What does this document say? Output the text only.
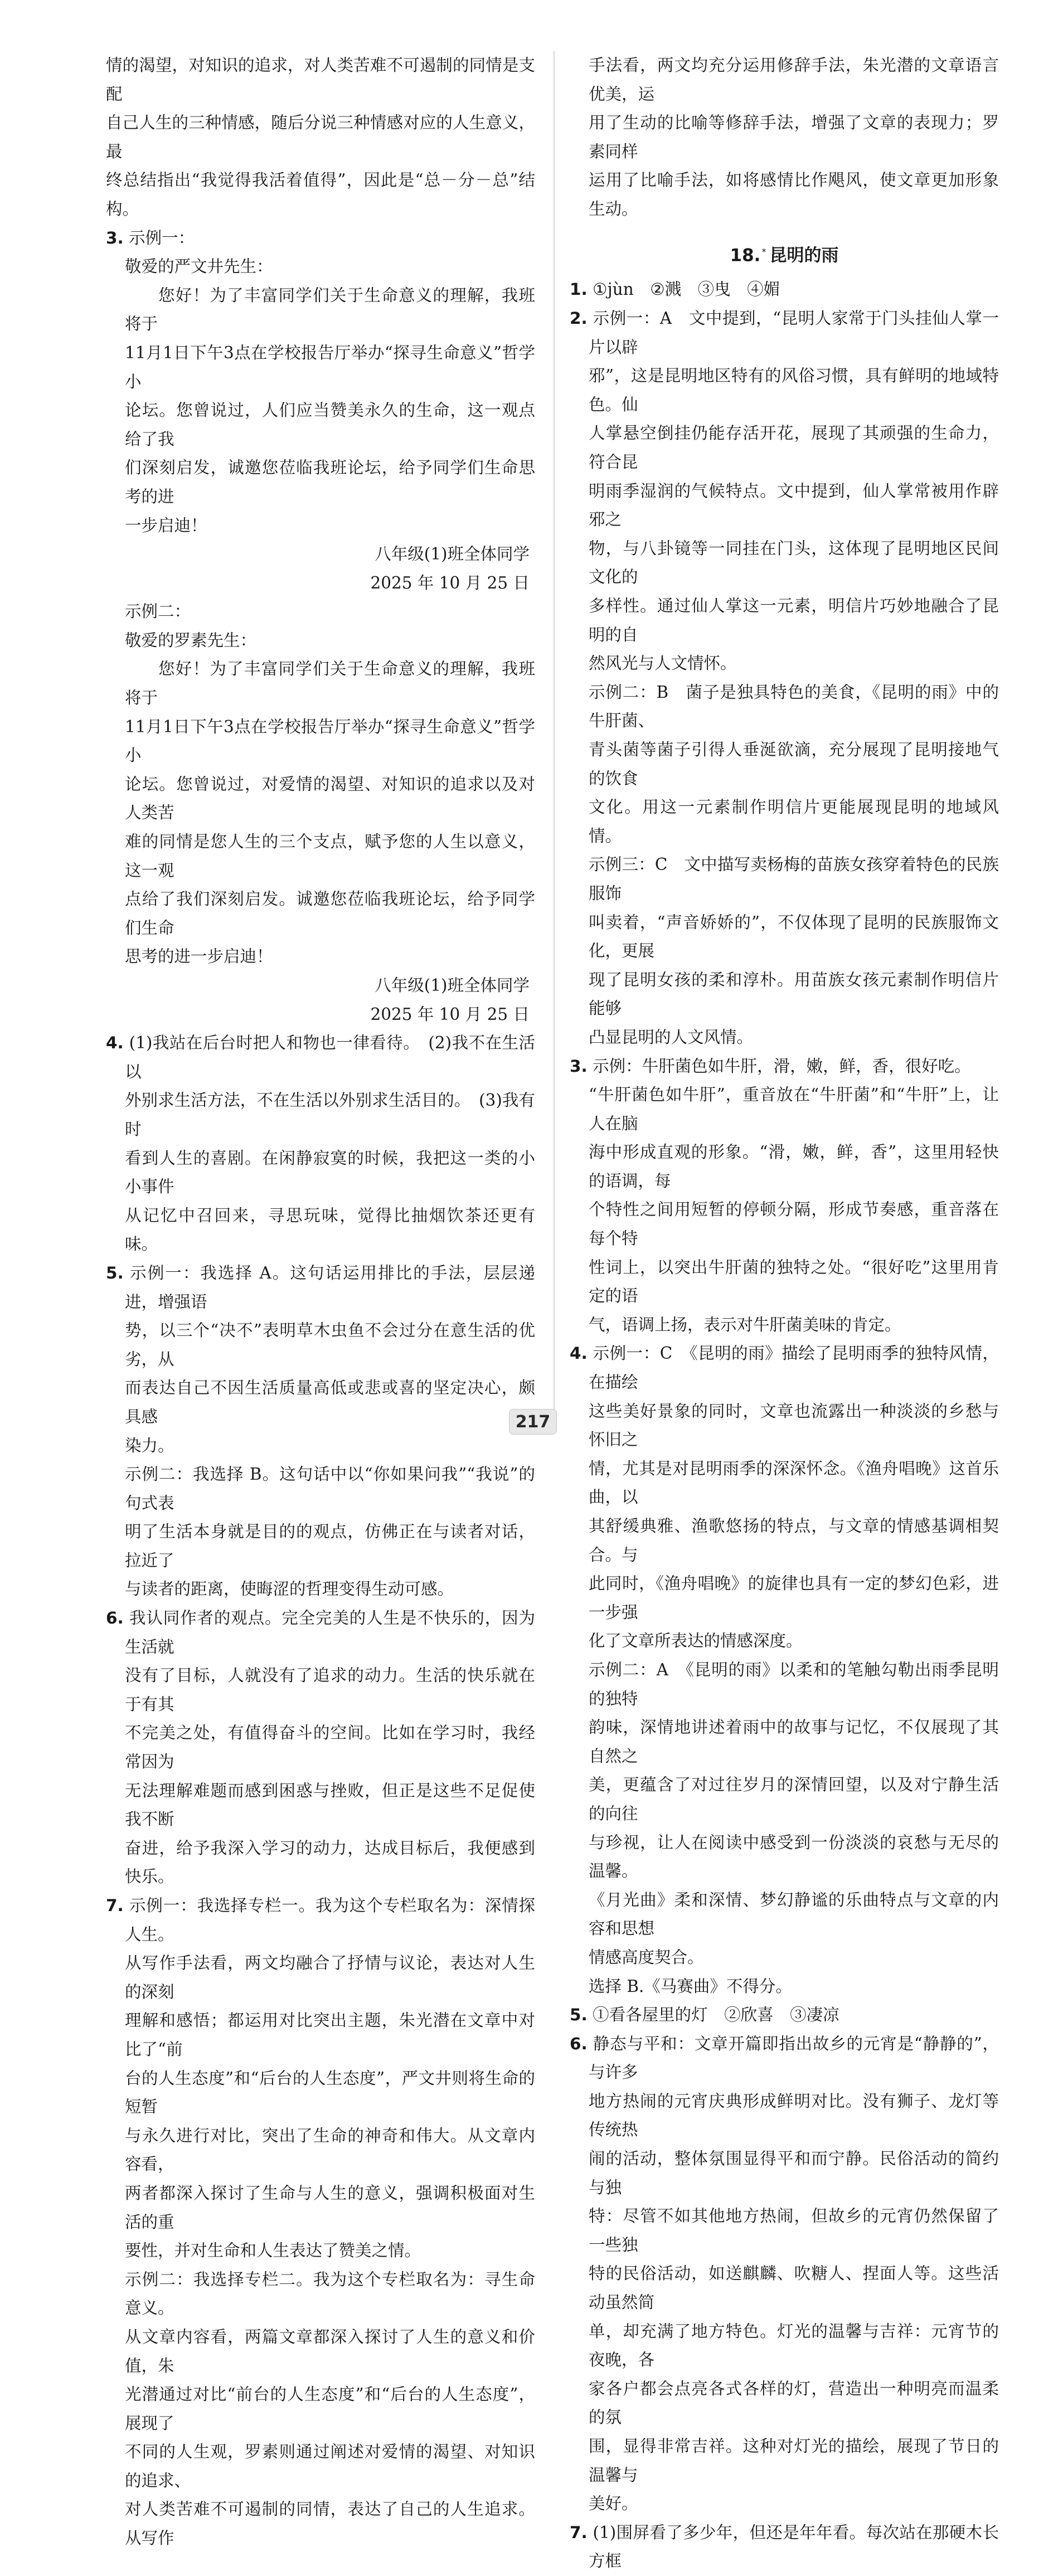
情的渴望，对知识的追求，对人类苦难不可遏制的同情是支配

自己人生的三种情感，随后分说三种情感对应的人生意义，最

终总结指出“我觉得我活着值得”，因此是“总－分－总”结构。

3. 示例一：

敬爱的严文井先生：

您好！为了丰富同学们关于生命意义的理解，我班将于

11月1日下午3点在学校报告厅举办“探寻生命意义”哲学小

论坛。您曾说过，人们应当赞美永久的生命，这一观点给了我

们深刻启发，诚邀您莅临我班论坛，给予同学们生命思考的进

一步启迪！

八年级(1)班全体同学

2025 年 10 月 25 日

示例二：

敬爱的罗素先生：

您好！为了丰富同学们关于生命意义的理解，我班将于

11月1日下午3点在学校报告厅举办“探寻生命意义”哲学小

论坛。您曾说过，对爱情的渴望、对知识的追求以及对人类苦

难的同情是您人生的三个支点，赋予您的人生以意义，这一观

点给了我们深刻启发。诚邀您莅临我班论坛，给予同学们生命

思考的进一步启迪！

八年级(1)班全体同学

2025 年 10 月 25 日

4. (1)我站在后台时把人和物也一律看待。　(2)我不在生活以

外别求生活方法，不在生活以外别求生活目的。　(3)我有时

看到人生的喜剧。在闲静寂寞的时候，我把这一类的小小事件

从记忆中召回来，寻思玩味，觉得比抽烟饮茶还更有味。

5. 示例一：我选择 A。这句话运用排比的手法，层层递进，增强语

势，以三个“决不”表明草木虫鱼不会过分在意生活的优劣，从

而表达自己不因生活质量高低或悲或喜的坚定决心，颇具感

染力。

示例二：我选择 B。这句话中以“你如果问我”“我说”的句式表

明了生活本身就是目的的观点，仿佛正在与读者对话，拉近了

与读者的距离，使晦涩的哲理变得生动可感。

6. 我认同作者的观点。完全完美的人生是不快乐的，因为生活就

没有了目标，人就没有了追求的动力。生活的快乐就在于有其

不完美之处，有值得奋斗的空间。比如在学习时，我经常因为

无法理解难题而感到困惑与挫败，但正是这些不足促使我不断

奋进，给予我深入学习的动力，达成目标后，我便感到快乐。

7. 示例一：我选择专栏一。我为这个专栏取名为：深情探人生。

从写作手法看，两文均融合了抒情与议论，表达对人生的深刻

理解和感悟；都运用对比突出主题，朱光潜在文章中对比了“前

台的人生态度”和“后台的人生态度”，严文井则将生命的短暂

与永久进行对比，突出了生命的神奇和伟大。从文章内容看，

两者都深入探讨了生命与人生的意义，强调积极面对生活的重

要性，并对生命和人生表达了赞美之情。

示例二：我选择专栏二。我为这个专栏取名为：寻生命意义。

从文章内容看，两篇文章都深入探讨了人生的意义和价值，朱

光潜通过对比“前台的人生态度”和“后台的人生态度”，展现了

不同的人生观，罗素则通过阐述对爱情的渴望、对知识的追求、

对人类苦难不可遏制的同情，表达了自己的人生追求。从写作

手法看，两文均充分运用修辞手法，朱光潜的文章语言优美，运

用了生动的比喻等修辞手法，增强了文章的表现力；罗素同样

运用了比喻手法，如将感情比作飓风，使文章更加形象生动。

18. * 昆明的雨

1. ①jùn　②溅　③曳　④媚

2. 示例一：A　文中提到，“昆明人家常于门头挂仙人掌一片以辟

邪”，这是昆明地区特有的风俗习惯，具有鲜明的地域特色。仙

人掌悬空倒挂仍能存活开花，展现了其顽强的生命力，符合昆

明雨季湿润的气候特点。文中提到，仙人掌常被用作辟邪之

物，与八卦镜等一同挂在门头，这体现了昆明地区民间文化的

多样性。通过仙人掌这一元素，明信片巧妙地融合了昆明的自

然风光与人文情怀。

示例二：B　菌子是独具特色的美食，《昆明的雨》中的牛肝菌、

青头菌等菌子引得人垂涎欲滴，充分展现了昆明接地气的饮食

文化。用这一元素制作明信片更能展现昆明的地域风情。

示例三：C　文中描写卖杨梅的苗族女孩穿着特色的民族服饰

叫卖着，“声音娇娇的”，不仅体现了昆明的民族服饰文化，更展

现了昆明女孩的柔和淳朴。用苗族女孩元素制作明信片能够

凸显昆明的人文风情。

3. 示例：牛肝菌色如牛肝，滑，嫩，鲜，香，很好吃。

“牛肝菌色如牛肝”，重音放在“牛肝菌”和“牛肝”上，让人在脑

海中形成直观的形象。“滑，嫩，鲜，香”，这里用轻快的语调，每

个特性之间用短暂的停顿分隔，形成节奏感，重音落在每个特

性词上，以突出牛肝菌的独特之处。“很好吃”这里用肯定的语

气，语调上扬，表示对牛肝菌美味的肯定。

4. 示例一：C　《昆明的雨》描绘了昆明雨季的独特风情，在描绘

这些美好景象的同时，文章也流露出一种淡淡的乡愁与怀旧之

情，尤其是对昆明雨季的深深怀念。《渔舟唱晚》这首乐曲，以

其舒缓典雅、渔歌悠扬的特点，与文章的情感基调相契合。与

此同时，《渔舟唱晚》的旋律也具有一定的梦幻色彩，进一步强

化了文章所表达的情感深度。

示例二：A　《昆明的雨》以柔和的笔触勾勒出雨季昆明的独特

韵味，深情地讲述着雨中的故事与记忆，不仅展现了其自然之

美，更蕴含了对过往岁月的深情回望，以及对宁静生活的向往

与珍视，让人在阅读中感受到一份淡淡的哀愁与无尽的温馨。

《月光曲》柔和深情、梦幻静谧的乐曲特点与文章的内容和思想

情感高度契合。

选择 B.《马赛曲》不得分。

5. ①看各屋里的灯　②欣喜　③凄凉

6. 静态与平和：文章开篇即指出故乡的元宵是“静静的”，与许多

地方热闹的元宵庆典形成鲜明对比。没有狮子、龙灯等传统热

闹的活动，整体氛围显得平和而宁静。民俗活动的简约与独

特：尽管不如其他地方热闹，但故乡的元宵仍然保留了一些独

特的民俗活动，如送麒麟、吹糖人、捏面人等。这些活动虽然简

单，却充满了地方特色。灯光的温馨与吉祥：元宵节的夜晚，各

家各户都会点亮各式各样的灯，营造出一种明亮而温柔的氛

围，显得非常吉祥。这种对灯光的描绘，展现了节日的温馨与

美好。

7. (1)围屏看了多少年，但还是年年看。每次站在那硬木长方框

217
